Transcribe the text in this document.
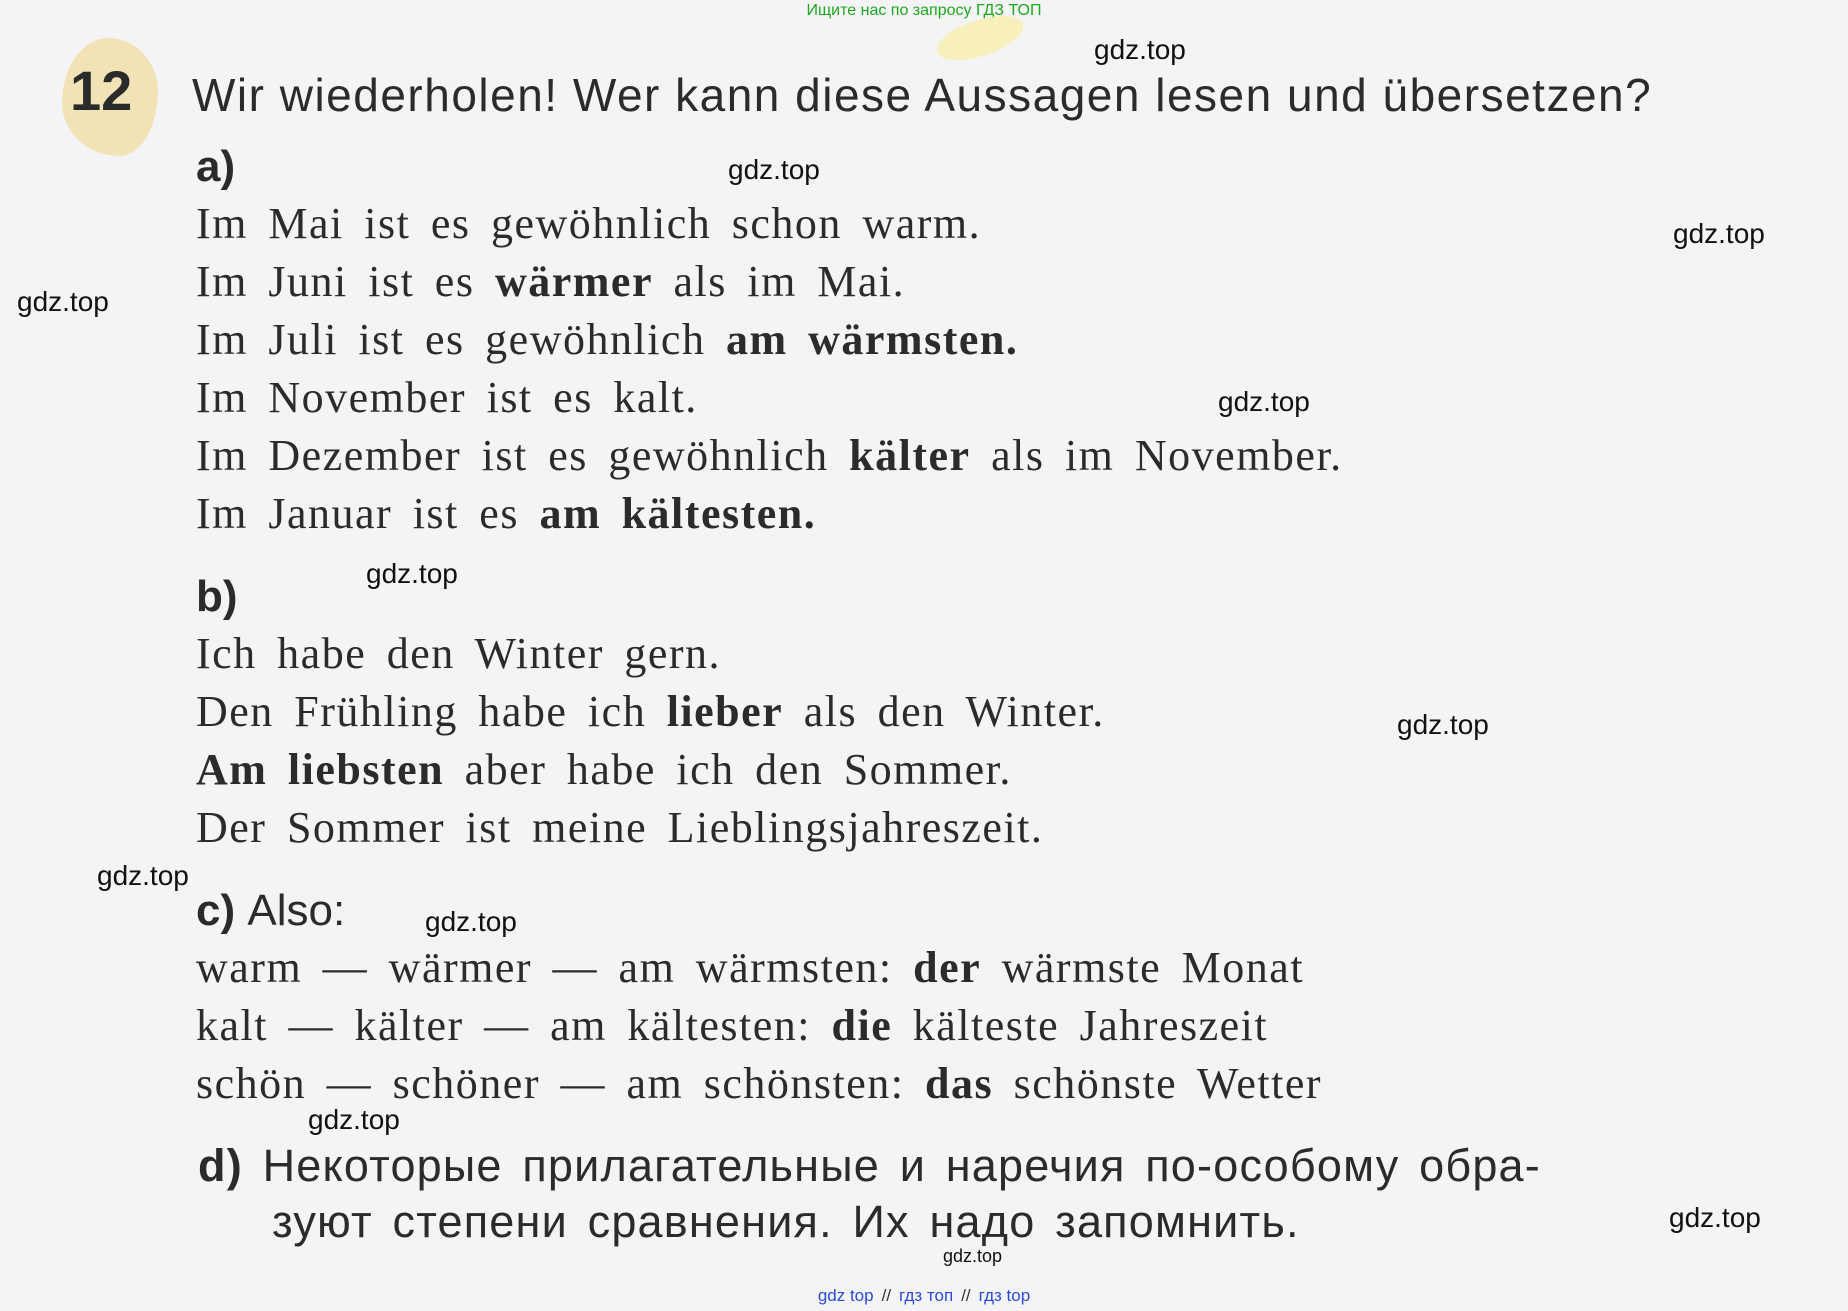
Ищите нас по запросу ГДЗ ТОП
12	Wir wiederholen! Wer kann diese Aussagen lesen und übersetzen?
a)
Im Mai ist es gewöhnlich schon warm.
Im Juni ist es wärmer als im Mai.
Im Juli ist es gewöhnlich am wärmsten.
Im November ist es kalt.
Im Dezember ist es gewöhnlich kälter als im November.
Im Januar ist es am kältesten.
b)
Ich habe den Winter gern.
Den Frühling habe ich lieber als den Winter.
Am liebsten aber habe ich den Sommer.
Der Sommer ist meine Lieblingsjahreszeit.
c) Also:
warm — wärmer — am wärmsten: der wärmste Monat
kalt — kälter — am kältesten: die kälteste Jahreszeit
schön — schöner — am schönsten: das schönste Wetter
d) Некоторые прилагательные и наречия по-особому обра-
зуют степени сравнения. Их надо запомнить.
gdz.top
gdz.top
gdz.top
gdz.top
gdz.top
gdz.top
gdz.top
gdz.top
gdz.top
gdz.top
gdz.top
gdz.top
gdz top // гдз топ // гдз top
